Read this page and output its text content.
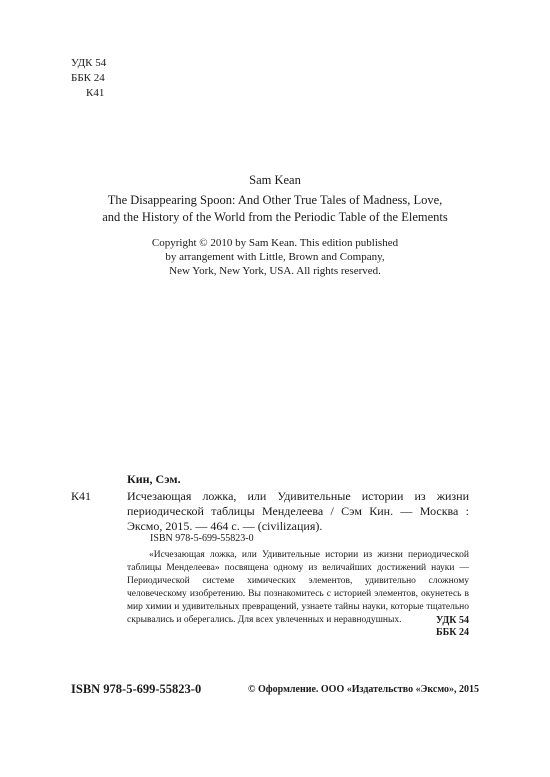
УДК 54
ББК 24
К41
Sam Kean
The Disappearing Spoon: And Other True Tales of Madness, Love,
and the History of the World from the Periodic Table of the Elements
Copyright © 2010 by Sam Kean. This edition published
by arrangement with Little, Brown and Company,
New York, New York, USA. All rights reserved.
Кин, Сэм.
К41	Исчезающая ложка, или Удивительные истории из жизни периодической таблицы Менделеева / Сэм Кин. — Москва : Эксмо, 2015. — 464 с. — (civilizация).
ISBN 978-5-699-55823-0
«Исчезающая ложка, или Удивительные истории из жизни периодической таблицы Менделеева» посвящена одному из величайших достижений науки — Периодической системе химических элементов, удивительно сложному человеческому изобретению. Вы познакомитесь с историей элементов, окунетесь в мир химии и удивительных превращений, узнаете тайны науки, которые тщательно скрывались и оберегались. Для всех увлеченных и неравнодушных.	УДК 54
ББК 24
ISBN 978-5-699-55823-0	© Оформление. ООО «Издательство «Эксмо», 2015
